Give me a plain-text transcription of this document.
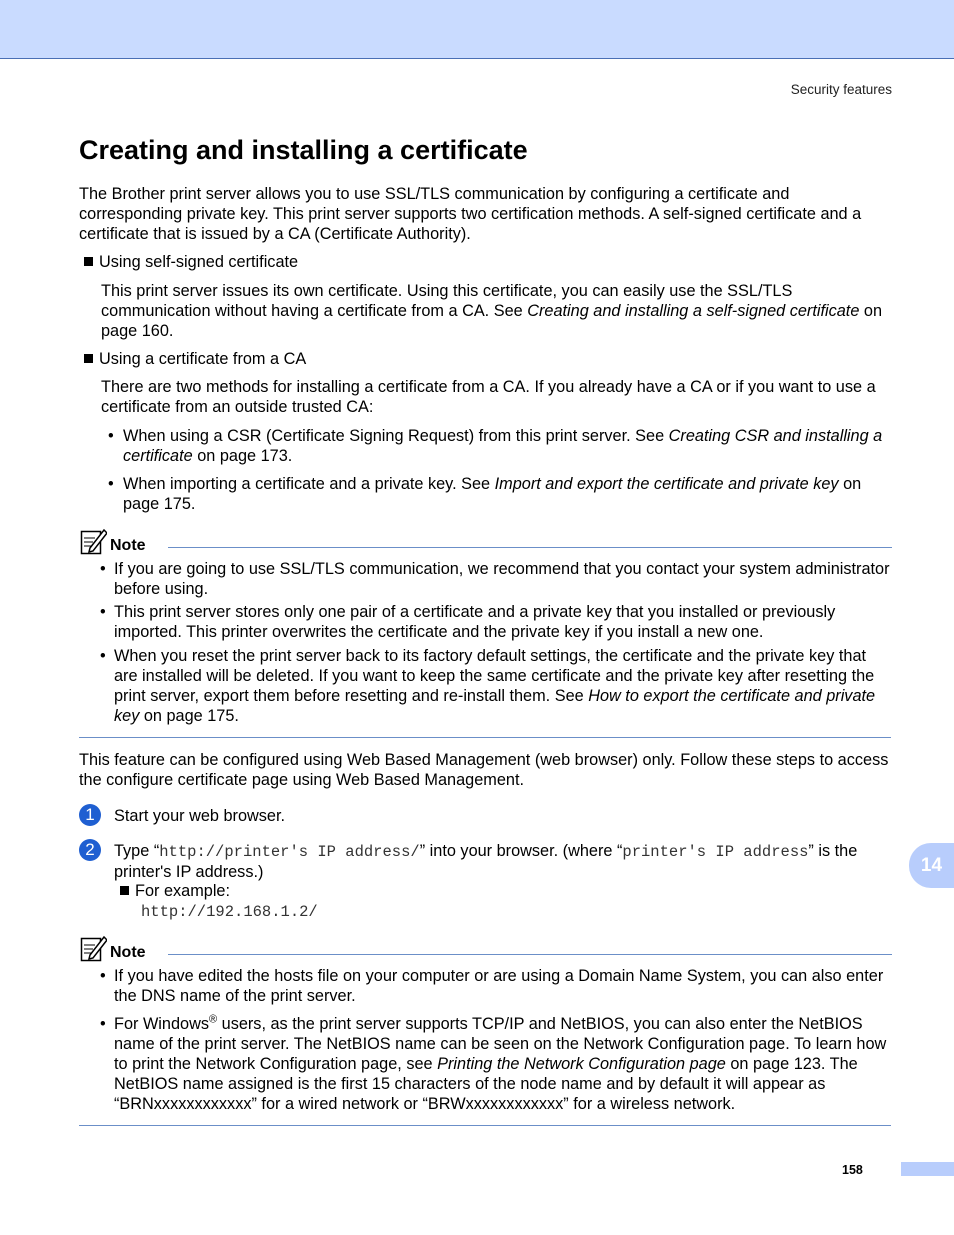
Security features
Creating and installing a certificate

The Brother print server allows you to use SSL/TLS communication by configuring a certificate and corresponding private key. This print server supports two certification methods. A self-signed certificate and a certificate that is issued by a CA (Certificate Authority).

Using self-signed certificate

This print server issues its own certificate. Using this certificate, you can easily use the SSL/TLS communication without having a certificate from a CA. See Creating and installing a self-signed certificate on page 160.

Using a certificate from a CA

There are two methods for installing a certificate from a CA. If you already have a CA or if you want to use a certificate from an outside trusted CA:

• When using a CSR (Certificate Signing Request) from this print server. See Creating CSR and installing a certificate on page 173.
• When importing a certificate and a private key. See Import and export the certificate and private key on page 175.
Note
• If you are going to use SSL/TLS communication, we recommend that you contact your system administrator before using.
• This print server stores only one pair of a certificate and a private key that you installed or previously imported. This printer overwrites the certificate and the private key if you install a new one.
• When you reset the print server back to its factory default settings, the certificate and the private key that are installed will be deleted. If you want to keep the same certificate and the private key after resetting the print server, export them before resetting and re-install them. See How to export the certificate and private key on page 175.

This feature can be configured using Web Based Management (web browser) only. Follow these steps to access the configure certificate page using Web Based Management.

1	Start your web browser.
2	Type “http://printer's IP address/” into your browser. (where “printer's IP address” is the printer's IP address.)
For example:
http://192.168.1.2/
Note
• If you have edited the hosts file on your computer or are using a Domain Name System, you can also enter the DNS name of the print server.
• For Windows® users, as the print server supports TCP/IP and NetBIOS, you can also enter the NetBIOS name of the print server. The NetBIOS name can be seen on the Network Configuration page. To learn how to print the Network Configuration page, see Printing the Network Configuration page on page 123. The NetBIOS name assigned is the first 15 characters of the node name and by default it will appear as “BRNxxxxxxxxxxxx” for a wired network or “BRWxxxxxxxxxxxx” for a wireless network.
14
158
